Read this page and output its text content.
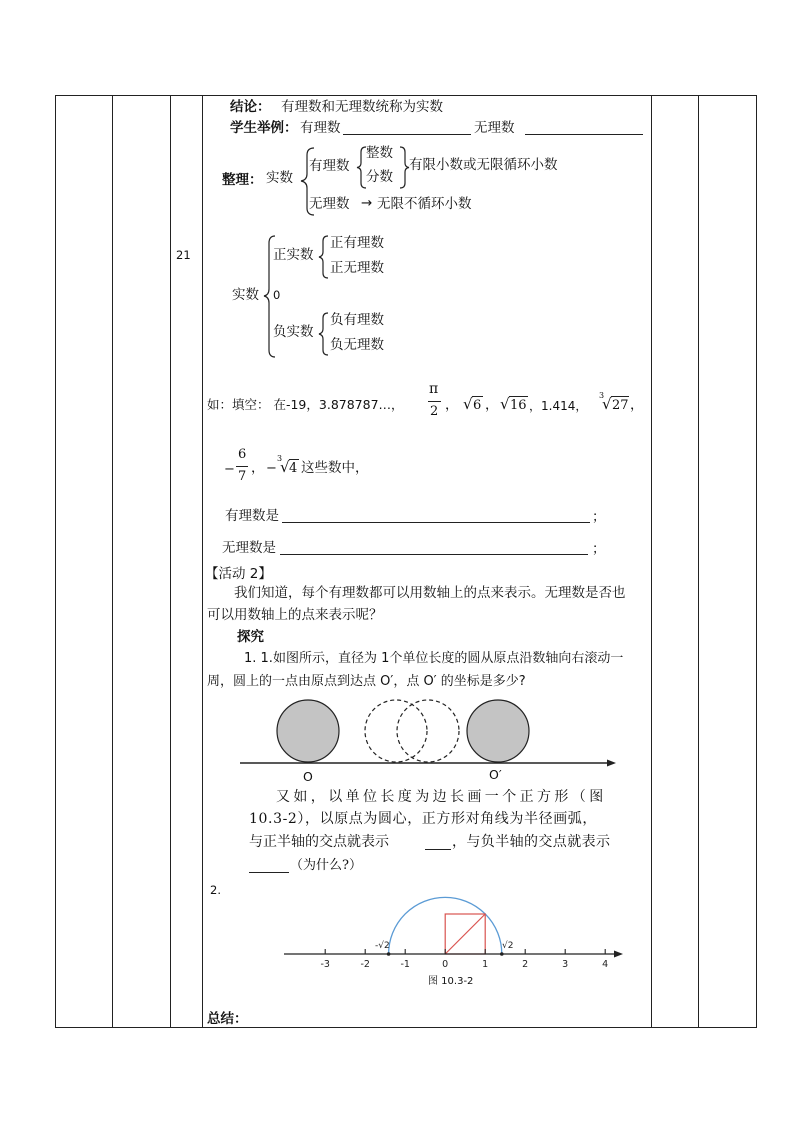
21
结论： 有理数和无理数统称为实数
学生举例： 有理数	无理数
整理： 实数
有理数
整数
分数
有限小数或无限循环小数
无理数 → 无限不循环小数
实数
正实数
正有理数
正无理数
0
负实数
负有理数
负无理数
如：填空： 在-19，3.878787…，
π
2 ， √ 6 ， √ 16 ，1.414，
3
√ 27 ，
−
6
7
， −
3
√ 4 这些数中，
有理数是	；
无理数是	；
【活动 2】
我们知道，每个有理数都可以用数轴上的点来表示。无理数是否也
可以用数轴上的点来表示呢？
探究
1. 1.如图所示，直径为 1个单位长度的圆从原点沿数轴向右滚动一
周，圆上的一点由原点到达点 O′，点 O′ 的坐标是多少?
O	O′
又如，以单位长度为边长画一个正方形（图
10.3-2），以原点为圆心，正方形对角线为半径画弧，
与正半轴的交点就表示	，与负半轴的交点就表示
（为什么?）
2.
-3	-2	-1	0	1	2	3	4
-√2	√2
图 10.3-2
总结：
